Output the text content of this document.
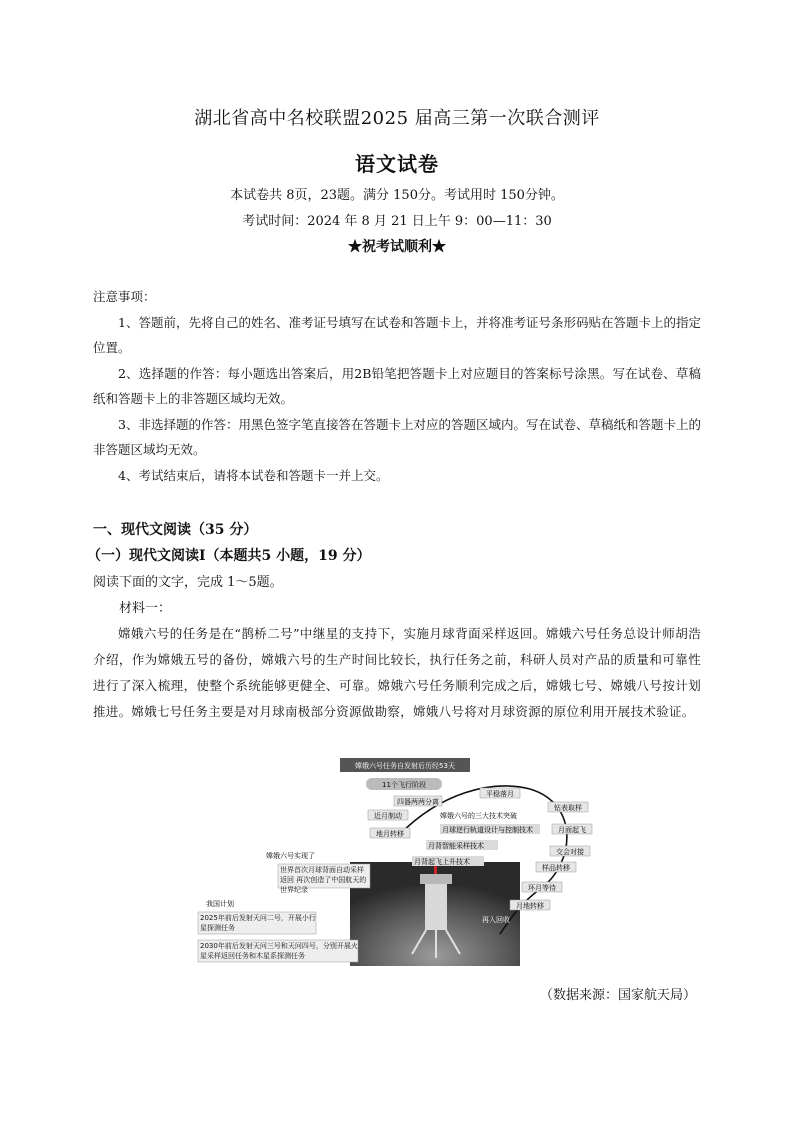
湖北省高中名校联盟2025 届高三第一次联合测评
语文试卷
本试卷共 8页，23题。满分 150分。考试用时 150分钟。
考试时间：2024 年 8 月 21 日上午 9：00—11：30
★祝考试顺利★
注意事项：

1、答题前，先将自己的姓名、准考证号填写在试卷和答题卡上，并将准考证号条形码贴在答题卡上的指定位置。

2、选择题的作答：每小题选出答案后，用2B铅笔把答题卡上对应题目的答案标号涂黑。写在试卷、草稿纸和答题卡上的非答题区域均无效。

3、非选择题的作答：用黑色签字笔直接答在答题卡上对应的答题区域内。写在试卷、草稿纸和答题卡上的非答题区域均无效。

4、考试结束后，请将本试卷和答题卡一并上交。

一、现代文阅读（35 分）
（一）现代文阅读Ⅰ（本题共5 小题，19 分）
阅读下面的文字，完成 1～5题。
材料一：
嫦娥六号的任务是在“鹊桥二号”中继星的支持下，实施月球背面采样返回。嫦娥六号任务总设计师胡浩介绍，作为嫦娥五号的备份，嫦娥六号的生产时间比较长，执行任务之前，科研人员对产品的质量和可靠性进行了深入梳理，使整个系统能够更健全、可靠。嫦娥六号任务顺利完成之后，嫦娥七号、嫦娥八号按计划推进。嫦娥七号任务主要是对月球南极部分资源做勘察，嫦娥八号将对月球资源的原位利用开展技术验证。
嫦娥六号任务自发射后历经53天
11个飞行阶段
地月转移
近月制动
四器两两分离
平稳落月
钻表取样
月面起飞
交会对接
样品转移
环月等待
月地转移
再入回收
嫦娥六号的三大技术突破
月球逆行轨道设计与控制技术
月背智能采样技术
月背起飞上升技术
嫦娥六号实现了
世界首次月球背面自动采样返回 再次创造了中国航天的世界纪录
我国计划
2025年前后发射天问二号，开展小行星探测任务
2030年前后发射天问三号和天问四号，分别开展火星采样返回任务和木星系探测任务
（数据来源：国家航天局）
